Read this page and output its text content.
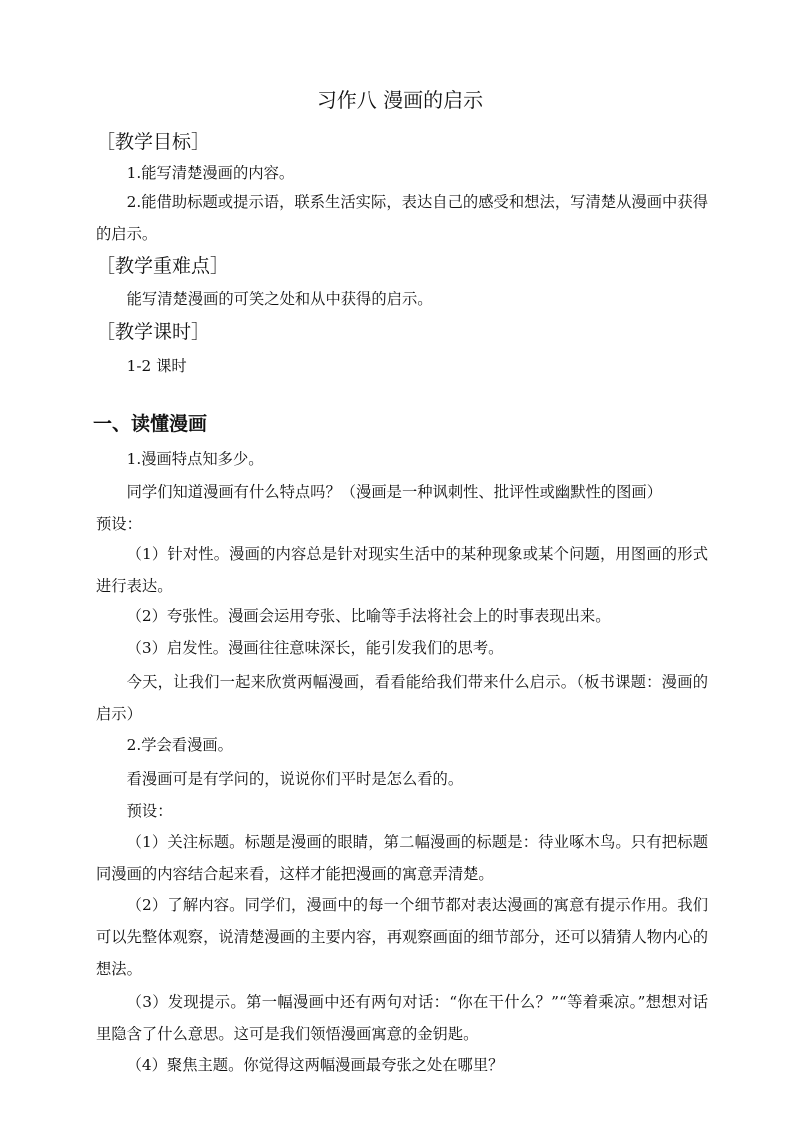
习作八 漫画的启示
［教学目标］
1.能写清楚漫画的内容。
2.能借助标题或提示语，联系生活实际，表达自己的感受和想法，写清楚从漫画中获得的启示。
［教学重难点］
能写清楚漫画的可笑之处和从中获得的启示。
［教学课时］
1-2 课时
一、读懂漫画
1.漫画特点知多少。
同学们知道漫画有什么特点吗？（漫画是一种讽刺性、批评性或幽默性的图画）
预设：
（1）针对性。漫画的内容总是针对现实生活中的某种现象或某个问题，用图画的形式进行表达。
（2）夸张性。漫画会运用夸张、比喻等手法将社会上的时事表现出来。
（3）启发性。漫画往往意味深长，能引发我们的思考。
今天，让我们一起来欣赏两幅漫画，看看能给我们带来什么启示。（板书课题：漫画的启示）
2.学会看漫画。
看漫画可是有学问的，说说你们平时是怎么看的。
预设：
（1）关注标题。标题是漫画的眼睛，第二幅漫画的标题是：待业啄木鸟。只有把标题同漫画的内容结合起来看，这样才能把漫画的寓意弄清楚。
（2）了解内容。同学们，漫画中的每一个细节都对表达漫画的寓意有提示作用。我们可以先整体观察，说清楚漫画的主要内容，再观察画面的细节部分，还可以猜猜人物内心的想法。
（3）发现提示。第一幅漫画中还有两句对话：“你在干什么？”“等着乘凉。”想想对话里隐含了什么意思。这可是我们领悟漫画寓意的金钥匙。
（4）聚焦主题。你觉得这两幅漫画最夸张之处在哪里？
